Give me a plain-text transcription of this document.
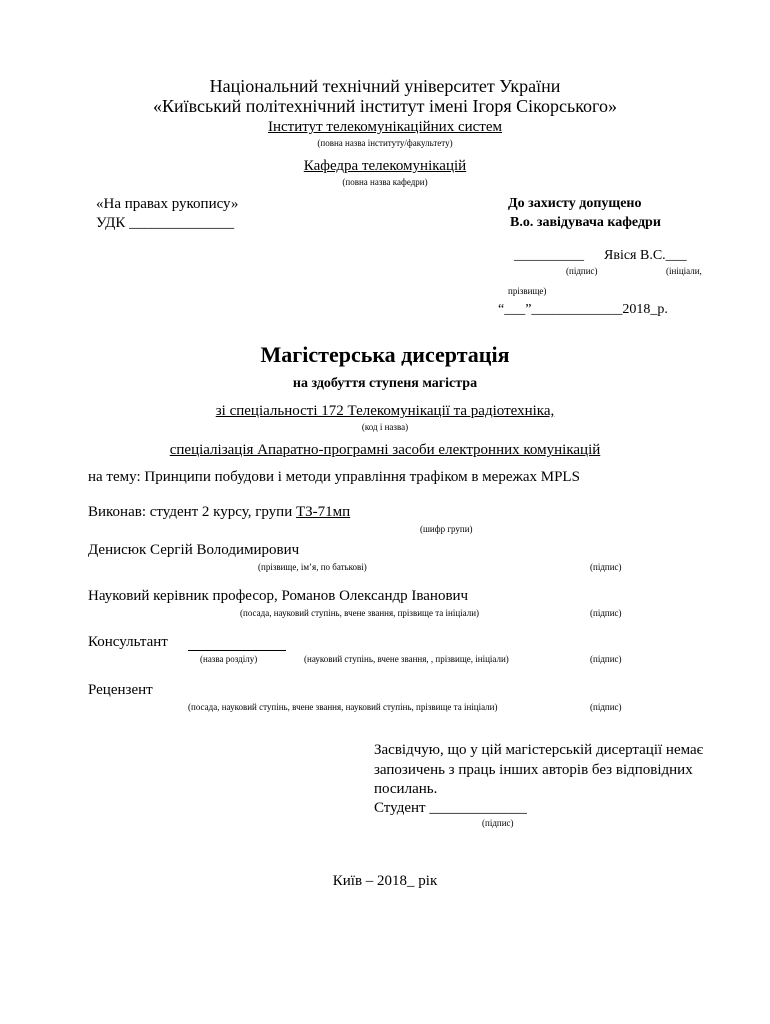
Національний технічний університет України
«Київський політехнічний інститут імені Ігоря Сікорського»
Інститут телекомунікаційних систем
(повна назва інституту/факультету)
Кафедра телекомунікацій
(повна назва кафедри)
«На правах рукопису»
УДК ______________
До захисту допущено
В.о. завідувача кафедри
__________ Явіся В.С.___
(підпис)	(ініціали,
прізвище)
“___”_____________2018_р.
Магістерська дисертація
на здобуття ступеня магістра
зі спеціальності 172 Телекомунікації та радіотехніка,
(код і назва)
спеціалізація Апаратно-програмні засоби електронних комунікацій
на тему: Принципи побудови і методи управління трафіком в мережах MPLS
Виконав: студент 2 курсу, групи ТЗ-71мп
(шифр групи)
Денисюк Сергій Володимирович
(прізвище, ім’я, по батькові)	(підпис)
Науковий керівник професор, Романов Олександр Іванович
(посада, науковий ступінь, вчене звання, прізвище та ініціали)	(підпис)
Консультант
(назва розділу)	(науковий ступінь, вчене звання, , прізвище, ініціали)	(підпис)
Рецензент
(посада, науковий ступінь, вчене звання, науковий ступінь, прізвище та ініціали)	(підпис)
Засвідчую, що у цій магістерській дисертації немає
запозичень з праць інших авторів без відповідних
посилань.
Студент _____________
(підпис)
Київ – 2018_ рік
